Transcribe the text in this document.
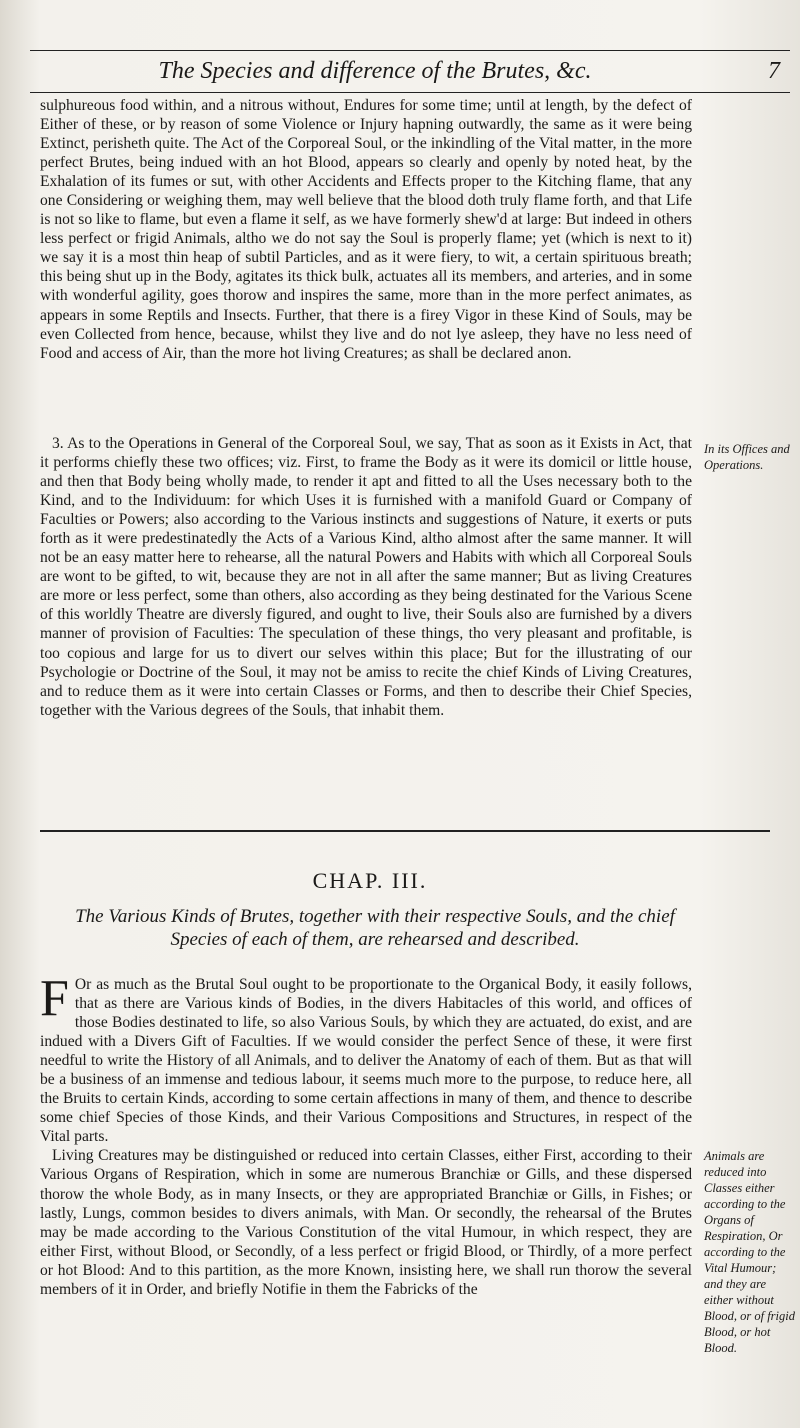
The Species and difference of the Brutes, &c.	7

sulphureous food within, and a nitrous without, Endures for some time; until at length, by the defect of Either of these, or by reason of some Violence or Injury hapning outwardly, the same as it were being Extinct, perisheth quite. The Act of the Corporeal Soul, or the inkindling of the Vital matter, in the more perfect Brutes, being indued with an hot Blood, appears so clearly and openly by noted heat, by the Exhalation of its fumes or sut, with other Accidents and Effects proper to the Kitching flame, that any one Considering or weighing them, may well believe that the blood doth truly flame forth, and that Life is not so like to flame, but even a flame it self, as we have formerly shew'd at large: But indeed in others less perfect or frigid Animals, altho we do not say the Soul is properly flame; yet (which is next to it) we say it is a most thin heap of subtil Particles, and as it were fiery, to wit, a certain spirituous breath; this being shut up in the Body, agitates its thick bulk, actuates all its members, and arteries, and in some with wonderful agility, goes thorow and inspires the same, more than in the more perfect animates, as appears in some Reptils and Insects. Further, that there is a firey Vigor in these Kind of Souls, may be even Collected from hence, because, whilst they live and do not lye asleep, they have no less need of Food and access of Air, than the more hot living Creatures; as shall be declared anon.

3. As to the Operations in General of the Corporeal Soul, we say, That as soon as it Exists in Act, that it performs chiefly these two offices; viz. First, to frame the Body as it were its domicil or little house, and then that Body being wholly made, to render it apt and fitted to all the Uses necessary both to the Kind, and to the Individuum: for which Uses it is furnished with a manifold Guard or Company of Faculties or Powers; also according to the Various instincts and suggestions of Nature, it exerts or puts forth as it were predestinatedly the Acts of a Various Kind, altho almost after the same manner. It will not be an easy matter here to rehearse, all the natural Powers and Habits with which all Corporeal Souls are wont to be gifted, to wit, because they are not in all after the same manner; But as living Creatures are more or less perfect, some than others, also according as they being destinated for the Various Scene of this worldly Theatre are diversly figured, and ought to live, their Souls also are furnished by a divers manner of provision of Faculties: The speculation of these things, tho very pleasant and profitable, is too copious and large for us to divert our selves within this place; But for the illustrating of our Psychologie or Doctrine of the Soul, it may not be amiss to recite the chief Kinds of Living Creatures, and to reduce them as it were into certain Classes or Forms, and then to describe their Chief Species, together with the Various degrees of the Souls, that inhabit them.

In its Offices and Operations.
CHAP. III.
The Various Kinds of Brutes, together with their respective Souls, and the chief Species of each of them, are rehearsed and described.

F Or as much as the Brutal Soul ought to be proportionate to the Organical Body, it easily follows, that as there are Various kinds of Bodies, in the divers Habitacles of this world, and offices of those Bodies destinated to life, so also Various Souls, by which they are actuated, do exist, and are indued with a Divers Gift of Faculties. If we would consider the perfect Sence of these, it were first needful to write the History of all Animals, and to deliver the Anatomy of each of them. But as that will be a business of an immense and tedious labour, it seems much more to the purpose, to reduce here, all the Bruits to certain Kinds, according to some certain affections in many of them, and thence to describe some chief Species of those Kinds, and their Various Compositions and Structures, in respect of the Vital parts.

Living Creatures may be distinguished or reduced into certain Classes, either First, according to their Various Organs of Respiration, which in some are numerous Branchiæ or Gills, and these dispersed thorow the whole Body, as in many Insects, or they are appropriated Branchiæ or Gills, in Fishes; or lastly, Lungs, common besides to divers animals, with Man. Or secondly, the rehearsal of the Brutes may be made according to the Various Constitution of the vital Humour, in which respect, they are either First, without Blood, or Secondly, of a less perfect or frigid Blood, or Thirdly, of a more perfect or hot Blood: And to this partition, as the more Known, insisting here, we shall run thorow the several members of it in Order, and briefly Notifie in them the Fabricks of the

Animals are reduced into Classes either according to the Organs of Respiration, Or according to the Vital Humour; and they are either without Blood, or of frigid Blood, or hot Blood.
